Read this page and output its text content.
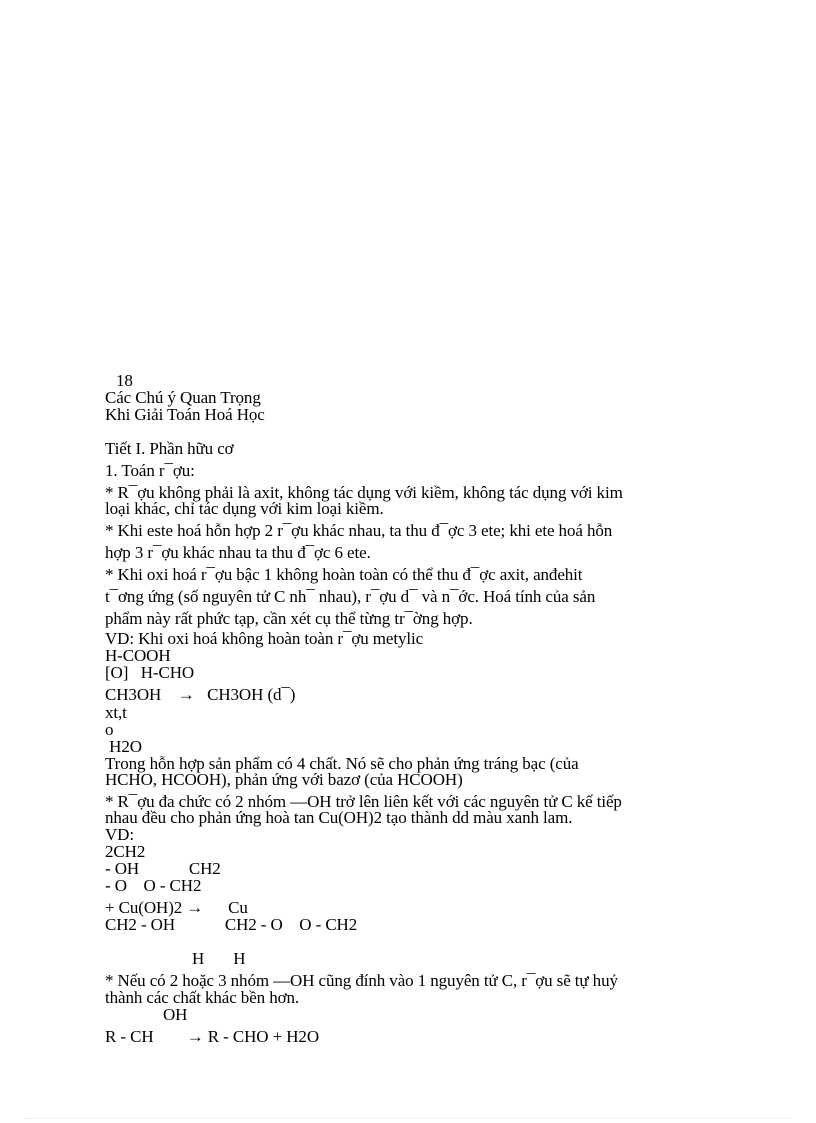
18
Các Chú ý Quan Trọng
Khi Giải Toán Hoá Học
Tiết I. Phần hữu cơ
1. Toán r¯ợu:
* R¯ợu không phải là axit, không tác dụng với kiềm, không tác dụng với kim
loại khác, chỉ tác dụng với kim loại kiềm.
* Khi este hoá hỗn hợp 2 r¯ợu khác nhau, ta thu đ¯ợc 3 ete; khi ete hoá hỗn
hợp 3 r¯ợu khác nhau ta thu đ¯ợc 6 ete.
* Khi oxi hoá r¯ợu bậc 1 không hoàn toàn có thể thu đ¯ợc axit, anđehit
t¯ơng ứng (số nguyên tử C nh¯ nhau), r¯ợu d¯ và n¯ớc. Hoá tính của sản
phẩm này rất phức tạp, cần xét cụ thể từng tr¯ờng hợp.
VD: Khi oxi hoá không hoàn toàn r¯ợu metylic
H-COOH
[O]   H-CHO
CH3OH    →   CH3OH (d¯)
xt,t
o
H2O
Trong hỗn hợp sản phẩm có 4 chất. Nó sẽ cho phản ứng tráng bạc (của
HCHO, HCOOH), phản ứng với bazơ (của HCOOH)
* R¯ợu đa chức có 2 nhóm —OH trở lên liên kết với các nguyên tử C kế tiếp
nhau đều cho phản ứng hoà tan Cu(OH)2 tạo thành dd màu xanh lam.
VD:
2CH2
- OH            CH2
- O    O - CH2
+ Cu(OH)2 →      Cu
CH2 - OH            CH2 - O    O - CH2
H       H
* Nếu có 2 hoặc 3 nhóm —OH cũng đính vào 1 nguyên tử C, r¯ợu sẽ tự huỷ
thành các chất khác bền hơn.
OH
R - CH        → R - CHO + H2O
